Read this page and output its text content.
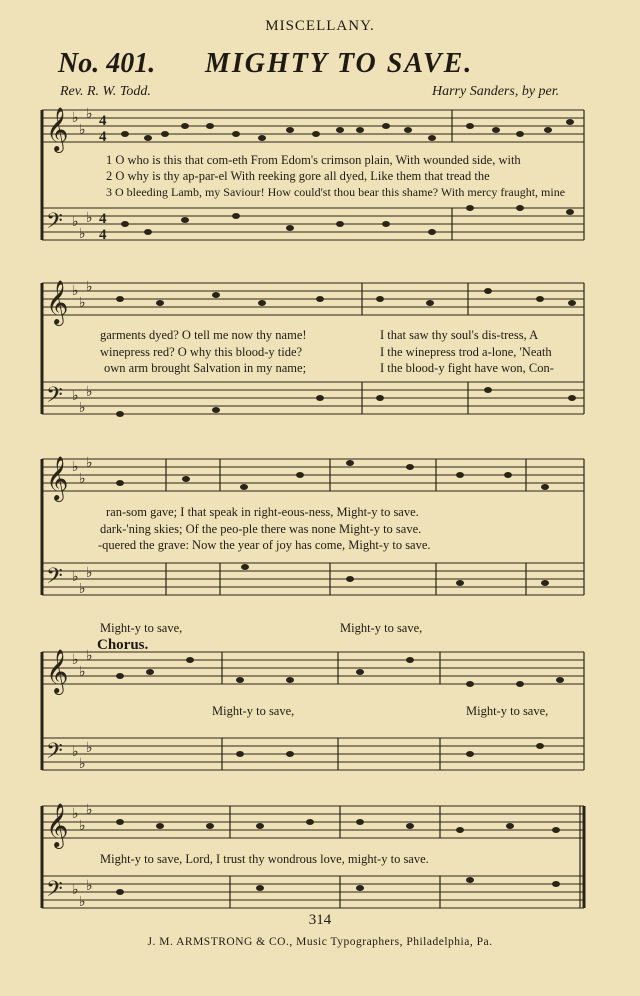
MISCELLANY.
No. 401. MIGHTY TO SAVE.
Rev. R. W. Todd.	Harry Sanders, by per.
𝄞
𝄢
𝄞
𝄢
𝄞
𝄢
𝄞
𝄢
𝄞
𝄢
♭
♭
♭
♭
♭
♭
♭
♭
♭
♭
♭
♭
♭
♭
♭
♭
♭
♭
♭
♭
♭
♭
♭
♭
♭
♭
♭
♭
♭
♭
4
4
4
4
1 O who is this that com-eth From Edom's crimson plain, With wounded side, with
2 O why is thy ap-par-el With reeking gore all dyed, Like them that tread the
3 O bleeding Lamb, my Saviour! How could'st thou bear this shame? With mercy fraught, mine
garments dyed? O tell me now thy name!	I that saw thy soul's dis-tress, A
winepress red? O why this blood-y tide?	I the winepress trod a-lone, 'Neath
own arm brought Salvation in my name;	I the blood-y fight have won, Con-
ran-som gave; I that speak in right-eous-ness, Might-y to save.
dark-'ning skies; Of the peo-ple there was none Might-y to save.
-quered the grave: Now the year of joy has come, Might-y to save.
Might-y to save,	Might-y to save,
Chorus.
Might-y to save,	Might-y to save,
Might-y to save, Lord, I trust thy wondrous love, might-y to save.
314
J. M. ARMSTRONG & CO., Music Typographers, Philadelphia, Pa.
